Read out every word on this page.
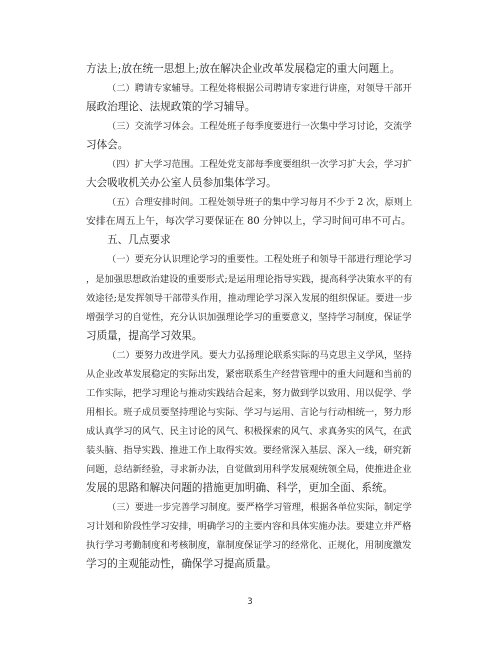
方法上;放在统一思想上;放在解决企业改革发展稳定的重大问题上。
（二）聘请专家辅导。工程处将根据公司聘请专家进行讲座，对领导干部开
展政治理论、法规政策的学习辅导。
（三）交流学习体会。工程处班子每季度要进行一次集中学习讨论，交流学
习体会。
（四）扩大学习范围。工程处党支部每季度要组织一次学习扩大会，学习扩
大会吸收机关办公室人员参加集体学习。
（五）合理安排时间。工程处领导班子的集中学习每月不少于 2 次，原则上
安排在周五上午，每次学习要保证在 80 分钟以上，学习时间可串不可占。
五、几点要求
（一）要充分认识理论学习的重要性。工程处班子和领导干部进行理论学习
，是加强思想政治建设的重要形式;是运用理论指导实践，提高科学决策水平的有
效途径;是发挥领导干部带头作用，推动理论学习深入发展的组织保证。要进一步
增强学习的自觉性，充分认识加强理论学习的重要意义，坚持学习制度，保证学
习质量，提高学习效果。
（二）要努力改进学风。要大力弘扬理论联系实际的马克思主义学风，坚持
从企业改革发展稳定的实际出发，紧密联系生产经营管理中的重大问题和当前的
工作实际，把学习理论与推动实践结合起来，努力做到学以致用、用以促学、学
用相长。班子成员要坚持理论与实际、学习与运用、言论与行动相统一，努力形
成认真学习的风气、民主讨论的风气、积极探索的风气、求真务实的风气，在武
装头脑、指导实践、推进工作上取得实效。要经常深入基层、深入一线，研究新
问题，总结新经验，寻求新办法，自觉做到用科学发展观统领全局，使推进企业
发展的思路和解决问题的措施更加明确、科学，更加全面、系统。
（三）要进一步完善学习制度。要严格学习管理，根据各单位实际，制定学
习计划和阶段性学习安排，明确学习的主要内容和具体实施办法。要建立并严格
执行学习考勤制度和考核制度，靠制度保证学习的经常化、正规化，用制度激发
学习的主观能动性，确保学习提高质量。
3
